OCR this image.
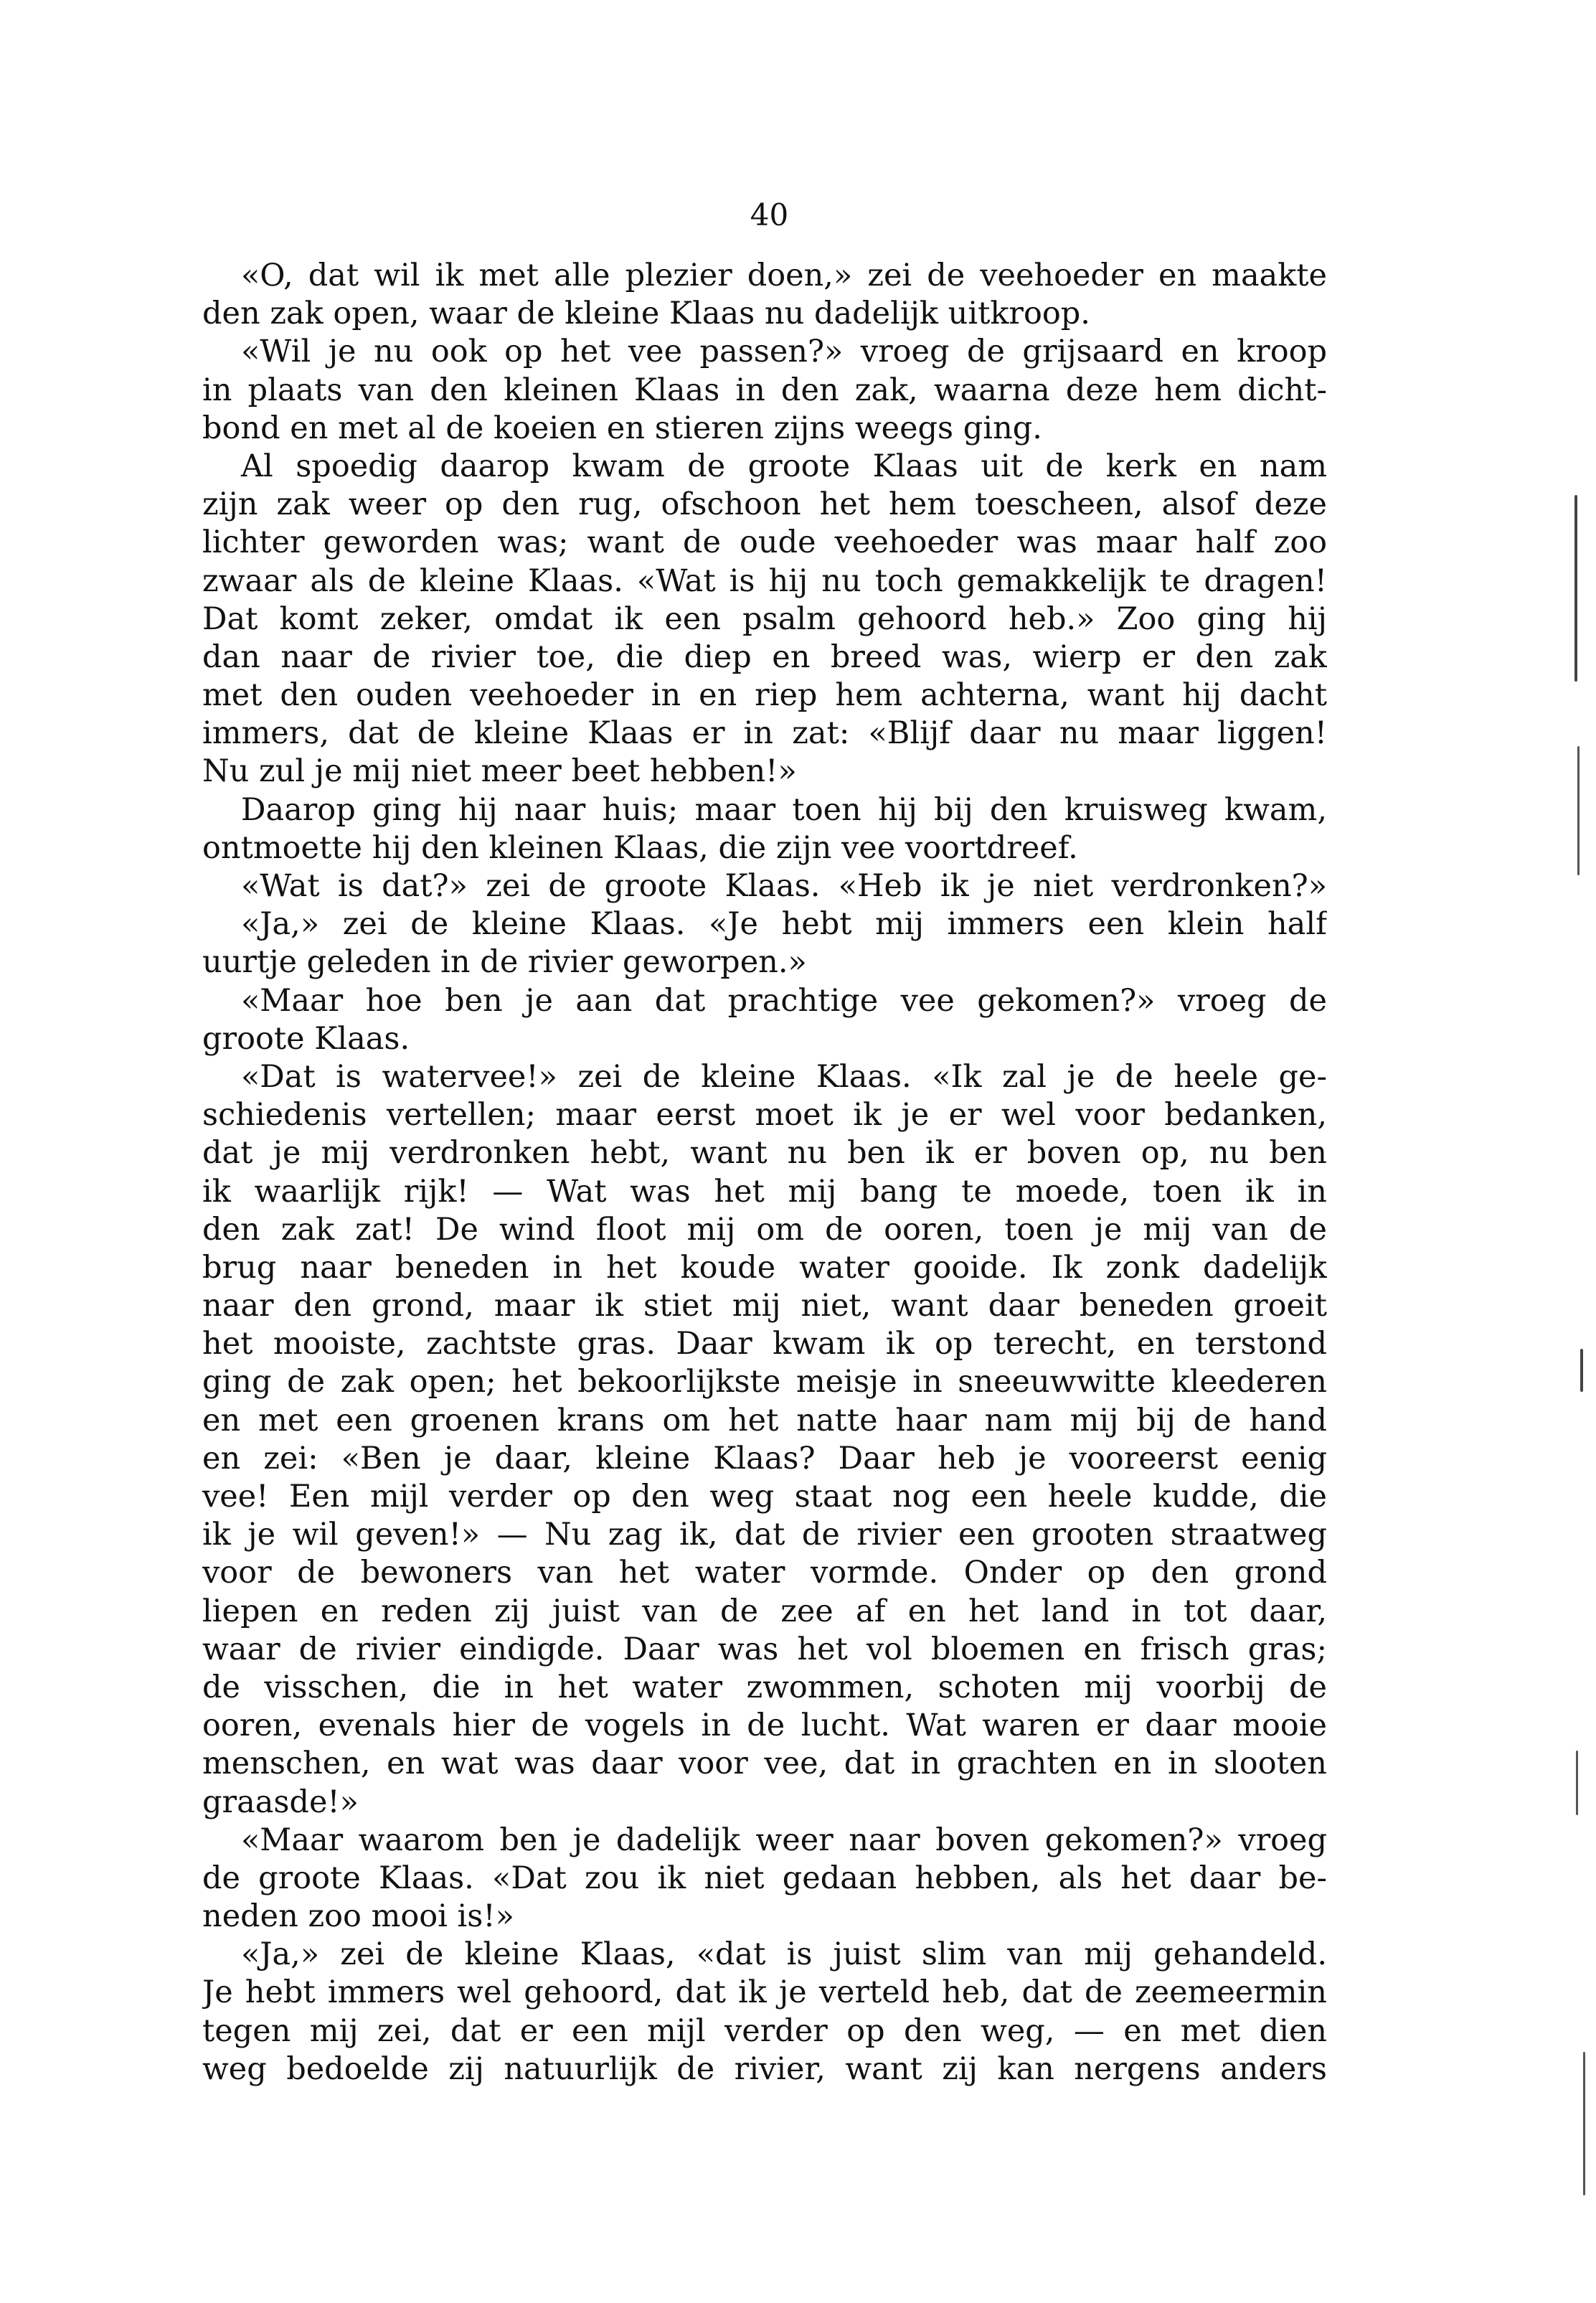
40
«O, dat wil ik met alle plezier doen,» zei de veehoeder en maakte
den zak open, waar de kleine Klaas nu dadelijk uitkroop.
«Wil je nu ook op het vee passen?» vroeg de grijsaard en kroop
in plaats van den kleinen Klaas in den zak, waarna deze hem dicht-
bond en met al de koeien en stieren zijns weegs ging.
Al spoedig daarop kwam de groote Klaas uit de kerk en nam
zijn zak weer op den rug, ofschoon het hem toescheen, alsof deze
lichter geworden was; want de oude veehoeder was maar half zoo
zwaar als de kleine Klaas. «Wat is hij nu toch gemakkelijk te dragen!
Dat komt zeker, omdat ik een psalm gehoord heb.» Zoo ging hij
dan naar de rivier toe, die diep en breed was, wierp er den zak
met den ouden veehoeder in en riep hem achterna, want hij dacht
immers, dat de kleine Klaas er in zat: «Blijf daar nu maar liggen!
Nu zul je mij niet meer beet hebben!»
Daarop ging hij naar huis; maar toen hij bij den kruisweg kwam,
ontmoette hij den kleinen Klaas, die zijn vee voortdreef.
«Wat is dat?» zei de groote Klaas. «Heb ik je niet verdronken?»
«Ja,» zei de kleine Klaas. «Je hebt mij immers een klein half
uurtje geleden in de rivier geworpen.»
«Maar hoe ben je aan dat prachtige vee gekomen?» vroeg de
groote Klaas.
«Dat is watervee!» zei de kleine Klaas. «Ik zal je de heele ge-
schiedenis vertellen; maar eerst moet ik je er wel voor bedanken,
dat je mij verdronken hebt, want nu ben ik er boven op, nu ben
ik waarlijk rijk! — Wat was het mij bang te moede, toen ik in
den zak zat! De wind floot mij om de ooren, toen je mij van de
brug naar beneden in het koude water gooide. Ik zonk dadelijk
naar den grond, maar ik stiet mij niet, want daar beneden groeit
het mooiste, zachtste gras. Daar kwam ik op terecht, en terstond
ging de zak open; het bekoorlijkste meisje in sneeuwwitte kleederen
en met een groenen krans om het natte haar nam mij bij de hand
en zei: «Ben je daar, kleine Klaas? Daar heb je vooreerst eenig
vee! Een mijl verder op den weg staat nog een heele kudde, die
ik je wil geven!» — Nu zag ik, dat de rivier een grooten straatweg
voor de bewoners van het water vormde. Onder op den grond
liepen en reden zij juist van de zee af en het land in tot daar,
waar de rivier eindigde. Daar was het vol bloemen en frisch gras;
de visschen, die in het water zwommen, schoten mij voorbij de
ooren, evenals hier de vogels in de lucht. Wat waren er daar mooie
menschen, en wat was daar voor vee, dat in grachten en in slooten
graasde!»
«Maar waarom ben je dadelijk weer naar boven gekomen?» vroeg
de groote Klaas. «Dat zou ik niet gedaan hebben, als het daar be-
neden zoo mooi is!»
«Ja,» zei de kleine Klaas, «dat is juist slim van mij gehandeld.
Je hebt immers wel gehoord, dat ik je verteld heb, dat de zeemeermin
tegen mij zei, dat er een mijl verder op den weg, — en met dien
weg bedoelde zij natuurlijk de rivier, want zij kan nergens anders
